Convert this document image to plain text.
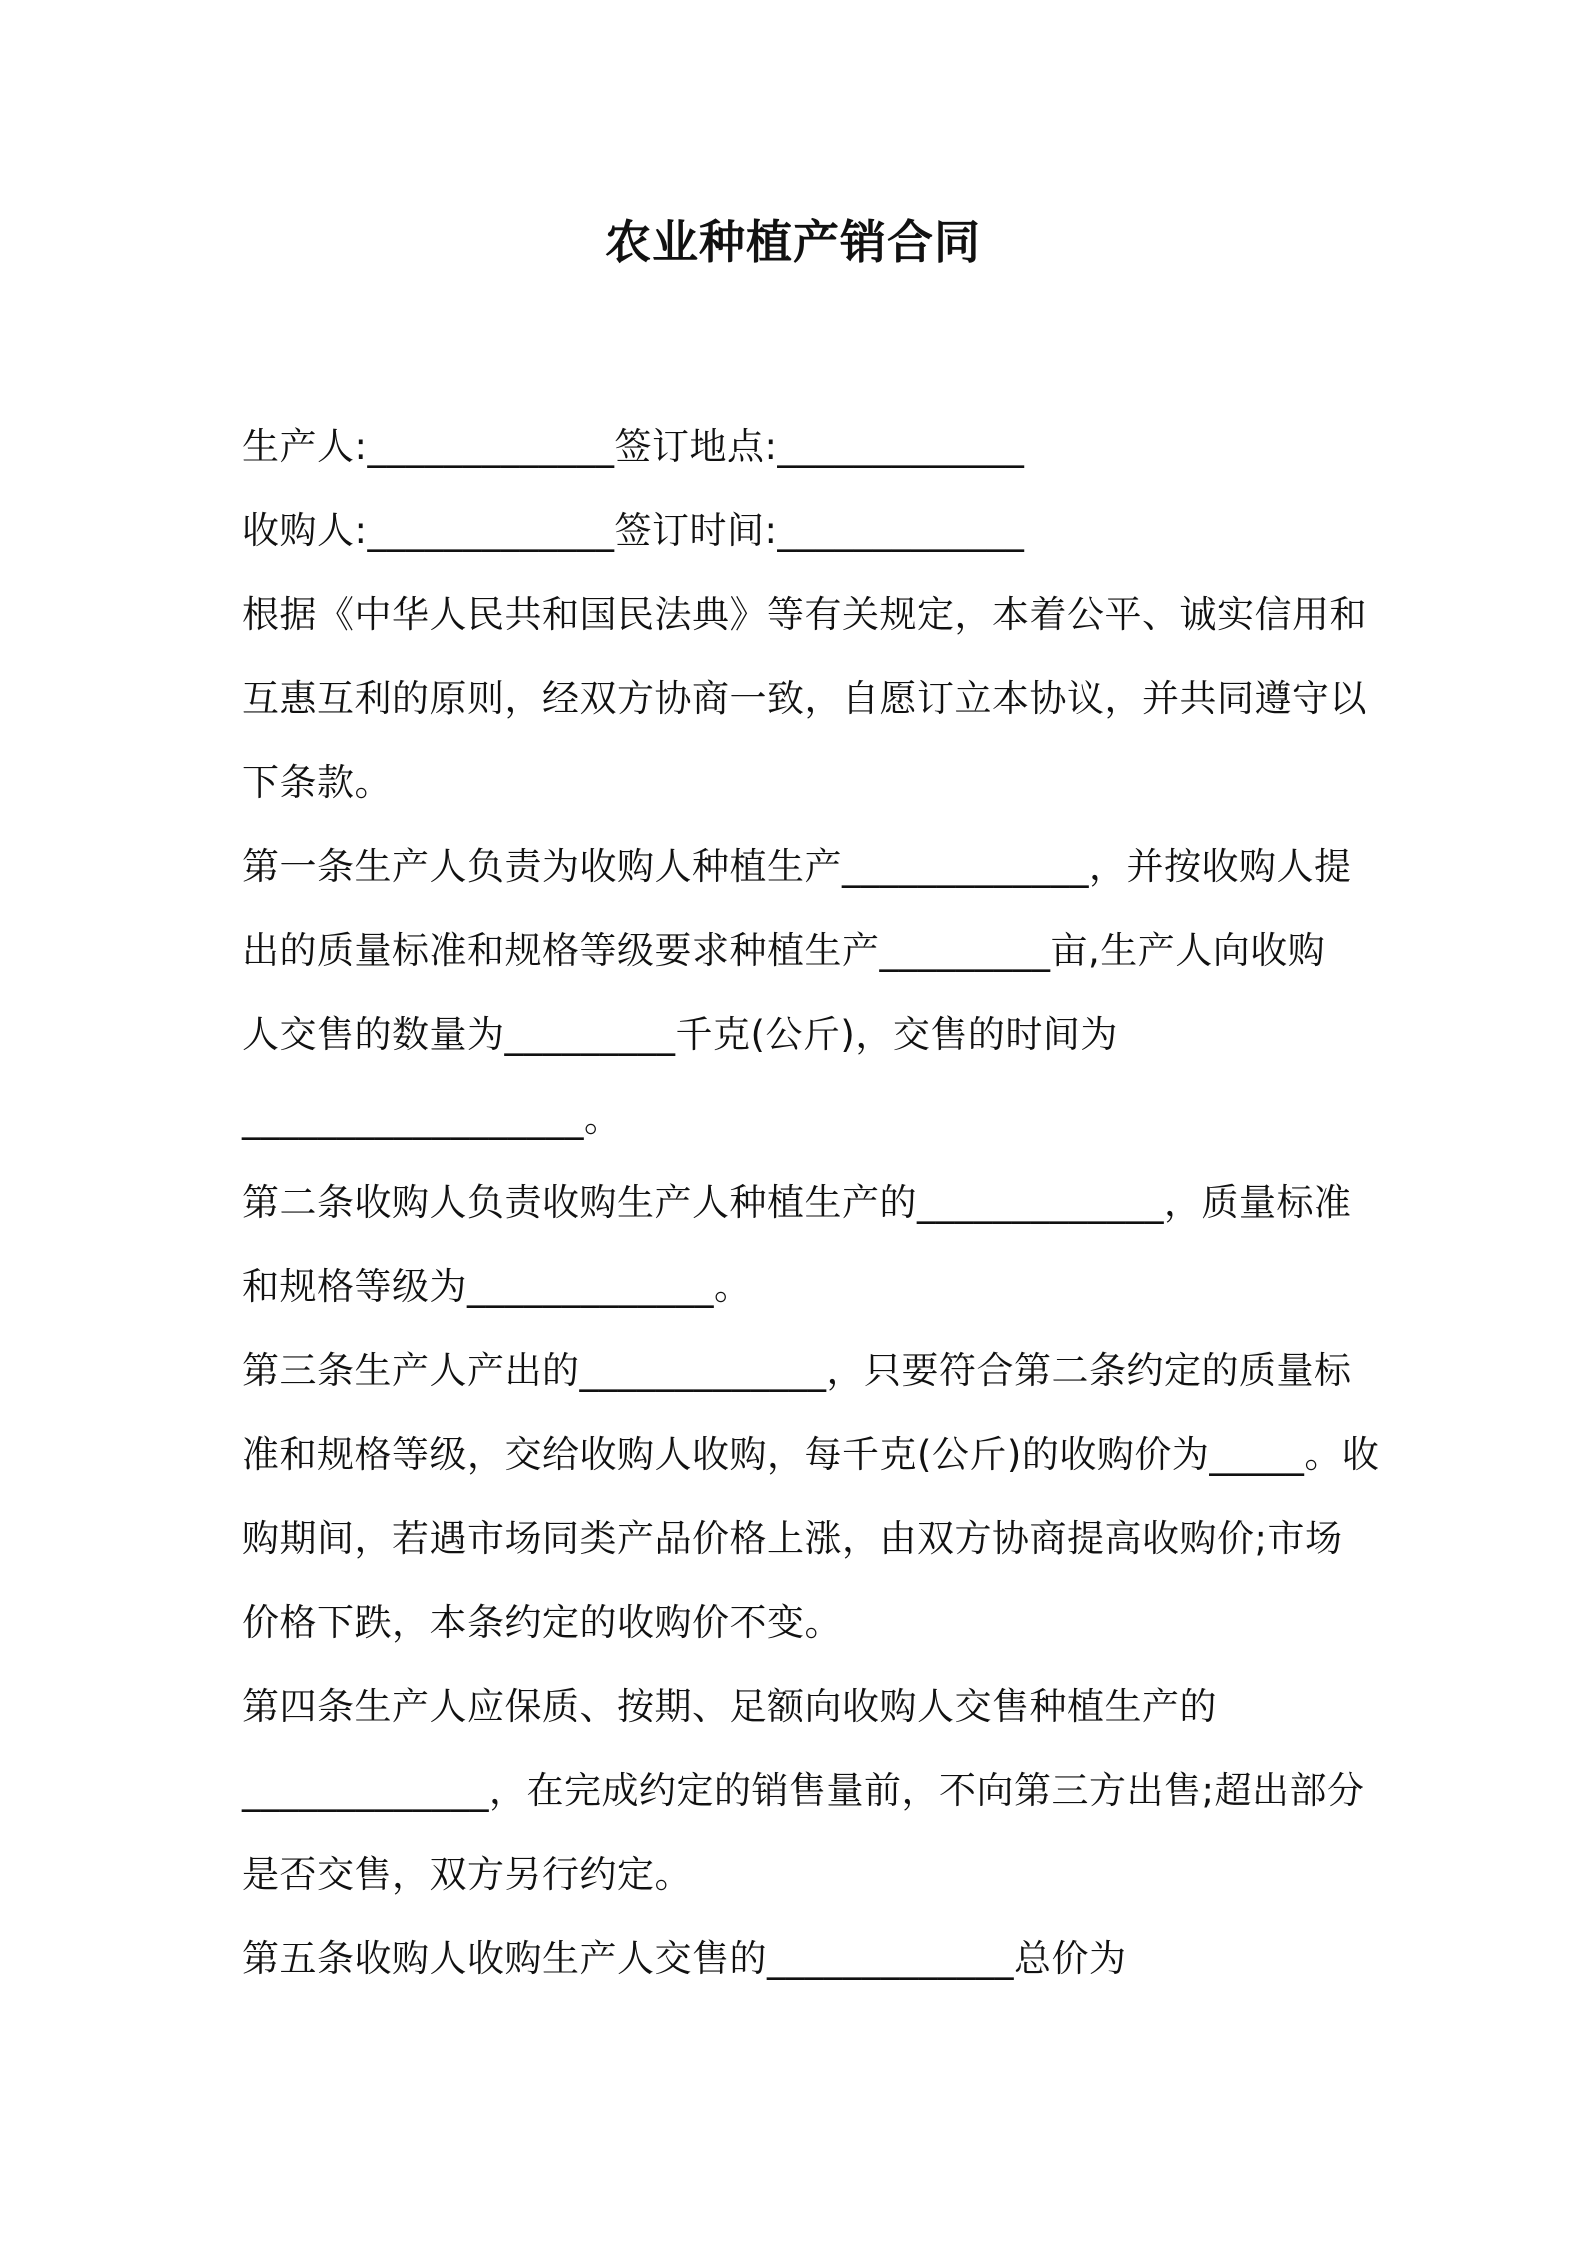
农业种植产销合同
生产人:_____________签订地点:_____________
收购人:_____________签订时间:_____________
根据《中华人民共和国民法典》等有关规定，本着公平、诚实信用和
互惠互利的原则，经双方协商一致，自愿订立本协议，并共同遵守以
下条款。
第一条生产人负责为收购人种植生产_____________，并按收购人提
出的质量标准和规格等级要求种植生产_________亩,生产人向收购
人交售的数量为_________千克(公斤)，交售的时间为
__________________。
第二条收购人负责收购生产人种植生产的_____________，质量标准
和规格等级为_____________。
第三条生产人产出的_____________，只要符合第二条约定的质量标
准和规格等级，交给收购人收购，每千克(公斤)的收购价为_____。收
购期间，若遇市场同类产品价格上涨，由双方协商提高收购价;市场
价格下跌，本条约定的收购价不变。
第四条生产人应保质、按期、足额向收购人交售种植生产的
_____________，在完成约定的销售量前，不向第三方出售;超出部分
是否交售，双方另行约定。
第五条收购人收购生产人交售的_____________总价为
